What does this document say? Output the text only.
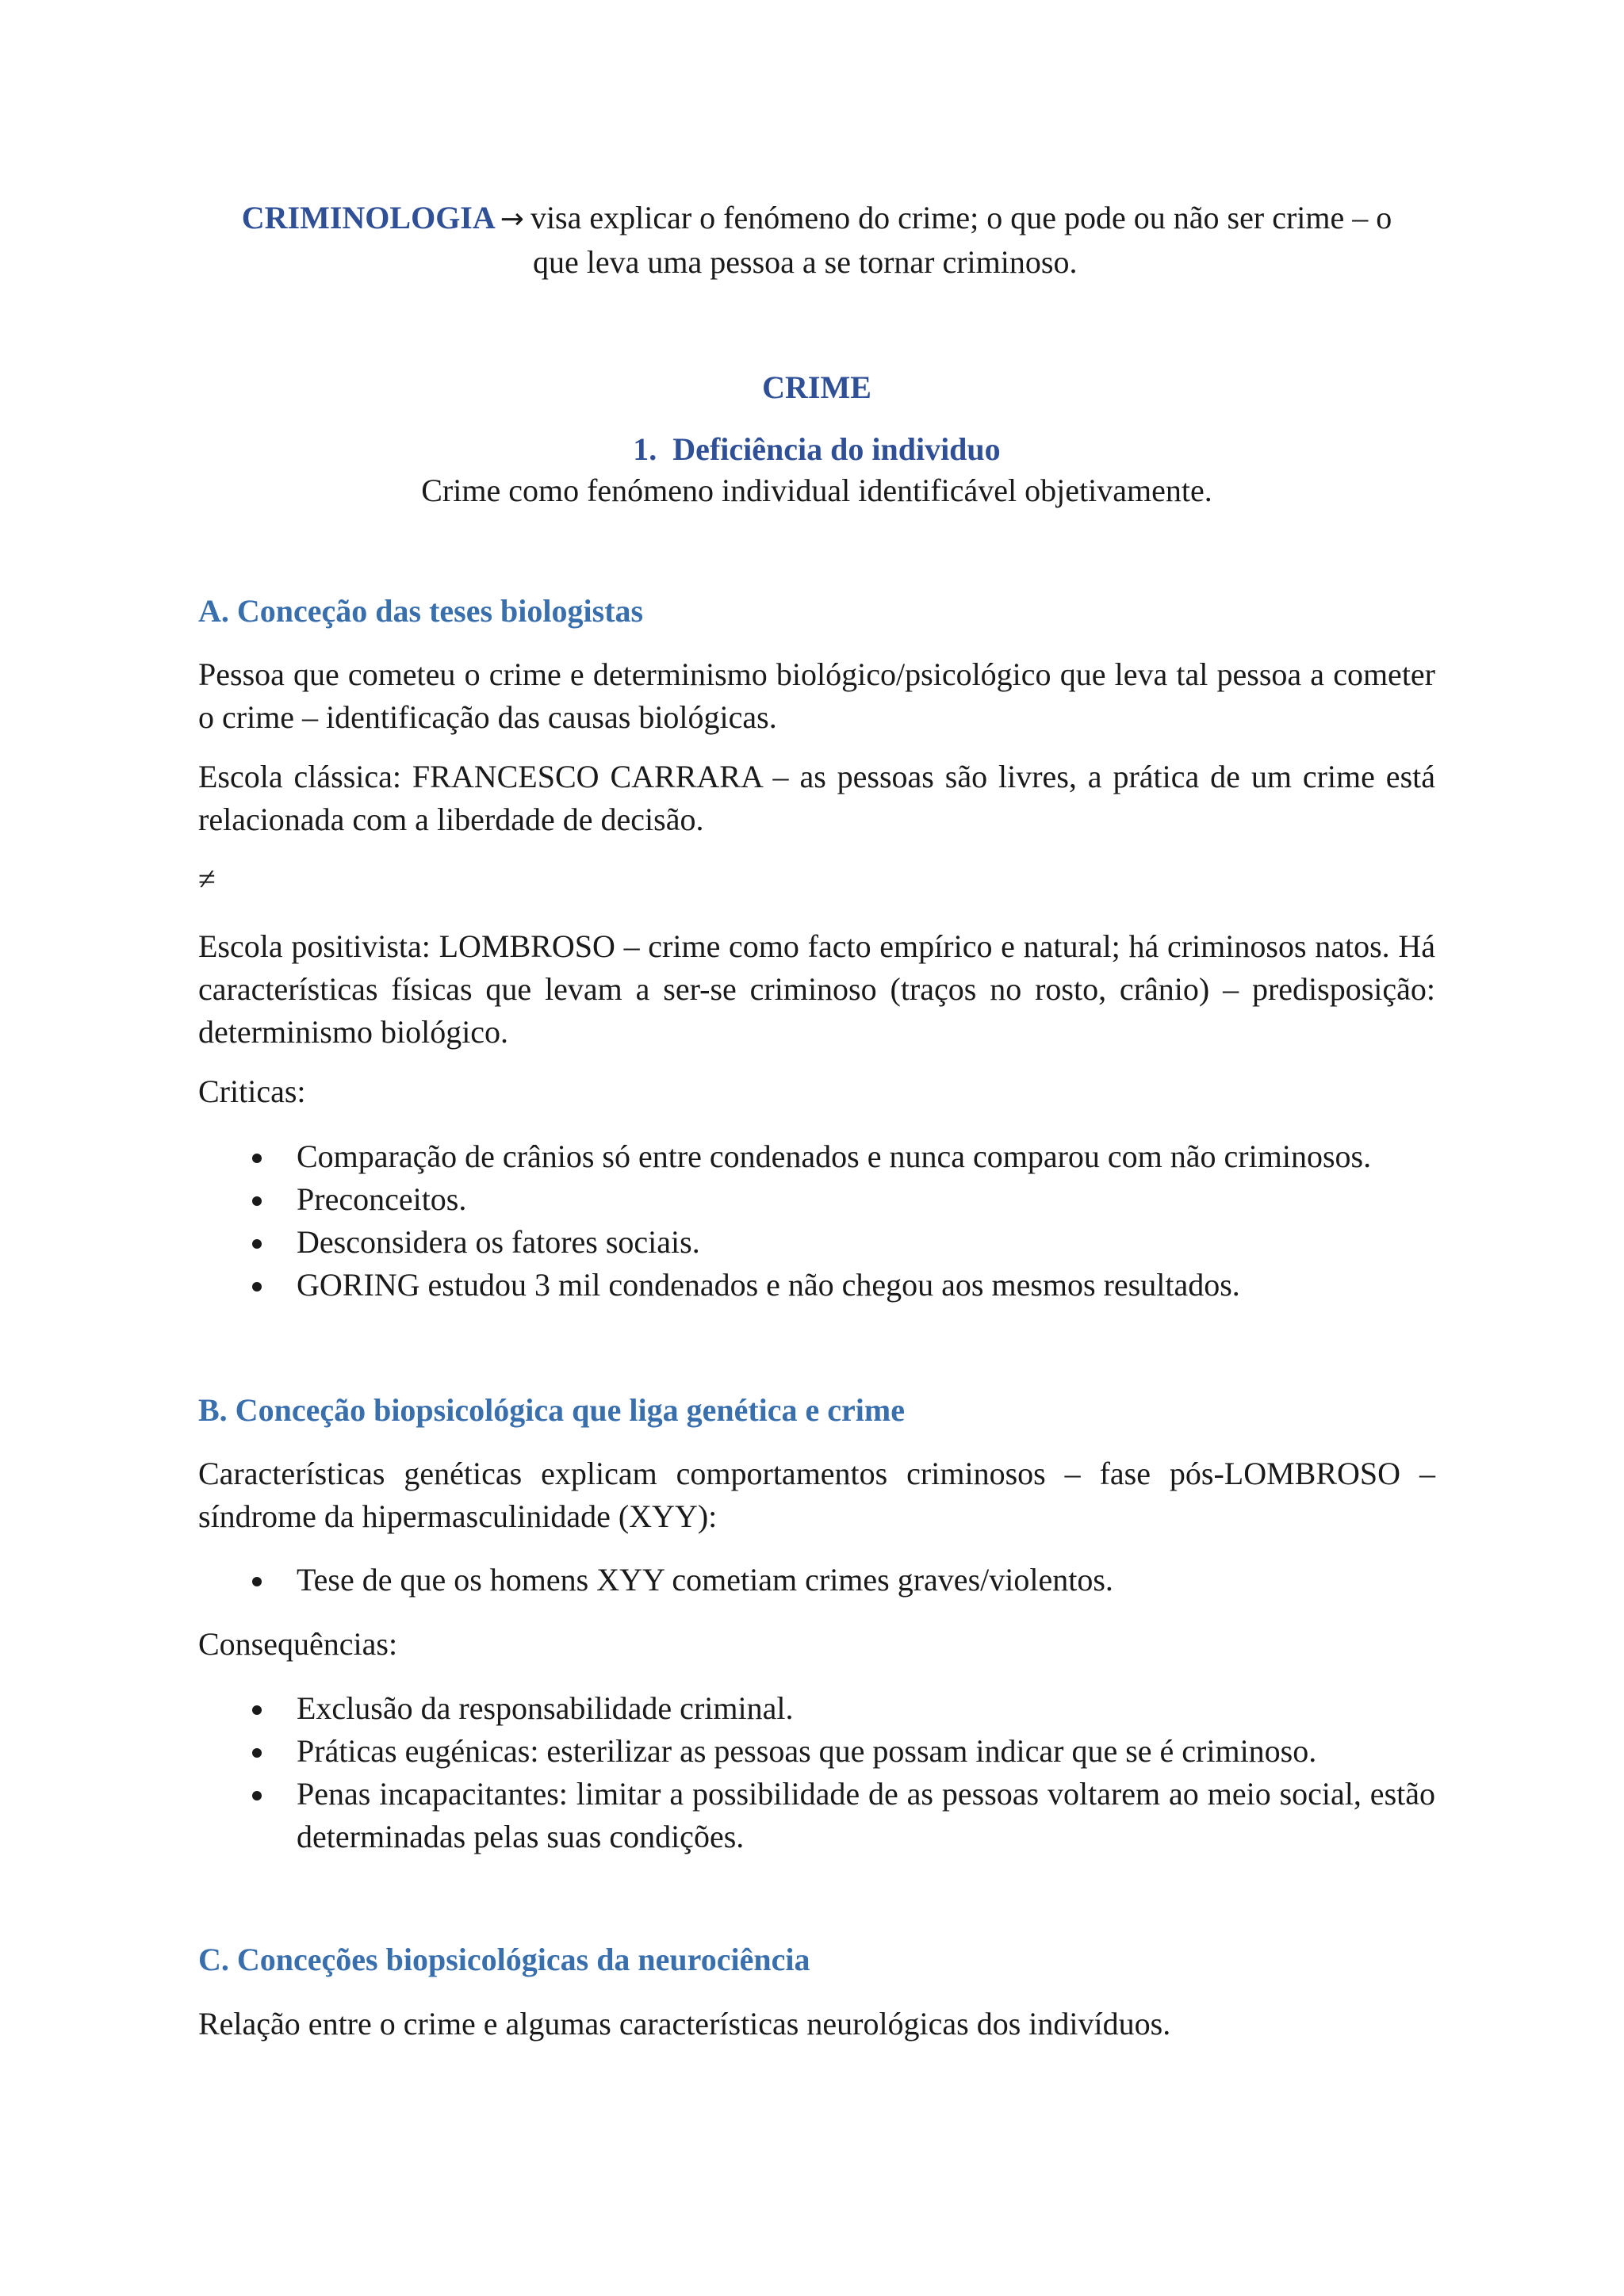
CRIMINOLOGIA → visa explicar o fenómeno do crime; o que pode ou não ser crime – o
que leva uma pessoa a se tornar criminoso.
CRIME
1. Deficiência do individuo
Crime como fenómeno individual identificável objetivamente.
A. Conceção das teses biologistas
Pessoa que cometeu o crime e determinismo biológico/psicológico que leva tal pessoa a cometer o crime – identificação das causas biológicas.
Escola clássica: FRANCESCO CARRARA – as pessoas são livres, a prática de um crime está relacionada com a liberdade de decisão.
≠
Escola positivista: LOMBROSO – crime como facto empírico e natural; há criminosos natos. Há características físicas que levam a ser-se criminoso (traços no rosto, crânio) – predisposição: determinismo biológico.
Criticas:
Comparação de crânios só entre condenados e nunca comparou com não criminosos.
Preconceitos.
Desconsidera os fatores sociais.
GORING estudou 3 mil condenados e não chegou aos mesmos resultados.
B. Conceção biopsicológica que liga genética e crime
Características genéticas explicam comportamentos criminosos – fase pós-LOMBROSO – síndrome da hipermasculinidade (XYY):
Tese de que os homens XYY cometiam crimes graves/violentos.
Consequências:
Exclusão da responsabilidade criminal.
Práticas eugénicas: esterilizar as pessoas que possam indicar que se é criminoso.
Penas incapacitantes: limitar a possibilidade de as pessoas voltarem ao meio social, estão determinadas pelas suas condições.
C. Conceções biopsicológicas da neurociência
Relação entre o crime e algumas características neurológicas dos indivíduos.
